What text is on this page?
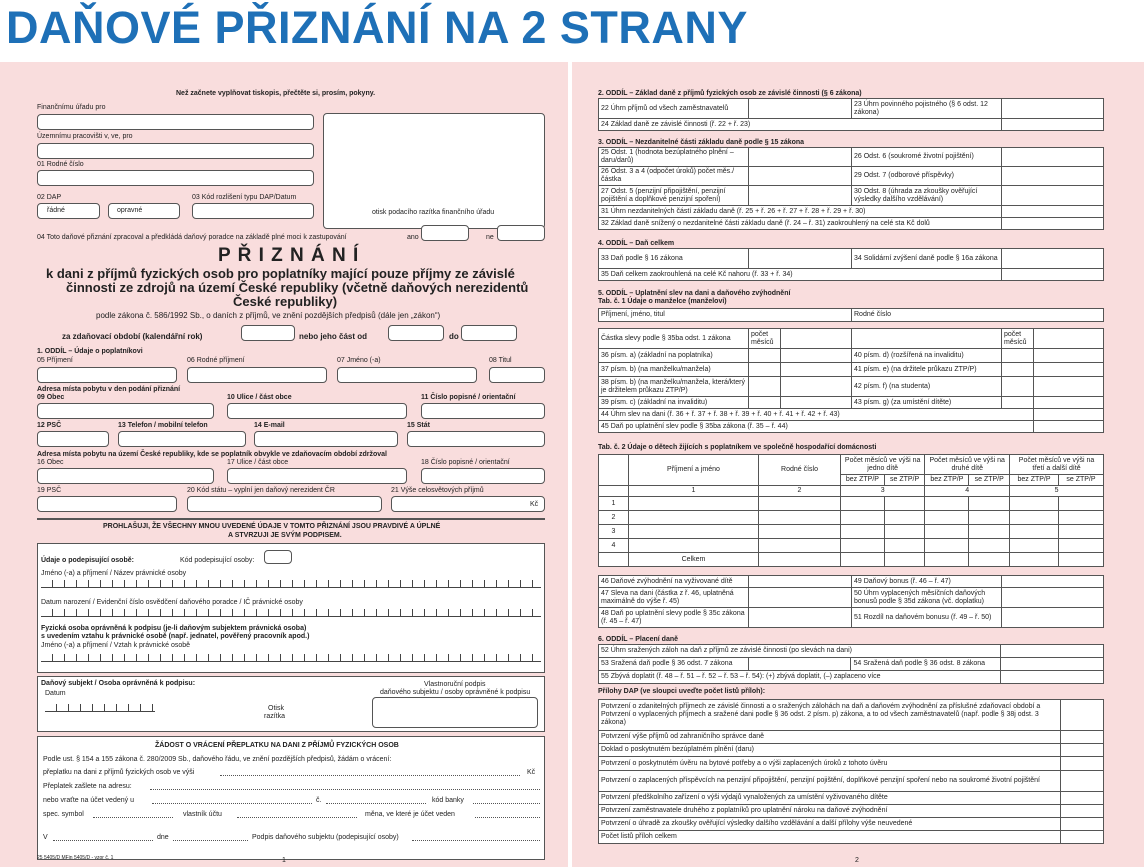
DAŇOVÉ PŘIZNÁNÍ NA 2 STRANY
Než začnete vyplňovat tiskopis, přečtěte si, prosím, pokyny.
Finančnímu úřadu pro
Územnímu pracovišti v, ve, pro
01 Rodné číslo
02 DAP	03 Kód rozlišení typu DAP/Datum
řádné	opravné	otisk podacího razítka finančního úřadu
04 Toto daňové přiznání zpracoval a předkládá daňový poradce na základě plné moci k zastupování	ano	ne
P Ř I Z N Á N Í
k dani z příjmů fyzických osob pro poplatníky mající pouze příjmy ze závislé
činnosti ze zdrojů na území České republiky (včetně daňových nerezidentů
České republiky)
podle zákona č. 586/1992 Sb., o daních z příjmů, ve znění pozdějších předpisů (dále jen „zákon“)
za zdaňovací období (kalendářní rok)	nebo jeho část od	do
1. ODDÍL – Údaje o poplatníkovi
05 Příjmení	06 Rodné příjmení	07 Jméno (-a)	08 Titul
Adresa místa pobytu v den podání přiznání
09 Obec	10 Ulice / část obce	11 Číslo popisné / orientační
12 PSČ	13 Telefon / mobilní telefon	14 E-mail	15 Stát
Adresa místa pobytu na území České republiky, kde se poplatník obvykle ve zdaňovacím období zdržoval
16 Obec	17 Ulice / část obce	18 Číslo popisné / orientační
19 PSČ	20 Kód státu – vyplní jen daňový nerezident ČR	21 Výše celosvětových příjmů
Kč
PROHLAŠUJI, ŽE VŠECHNY MNOU UVEDENÉ ÚDAJE V TOMTO PŘIZNÁNÍ JSOU PRAVDIVÉ A ÚPLNÉ
A STVRZUJI JE SVÝM PODPISEM.
Údaje o podepisující osobě:	Kód podepisující osoby:
Jméno (-a) a příjmení / Název právnické osoby
Datum narození / Evidenční číslo osvědčení daňového poradce / IČ právnické osoby
Fyzická osoba oprávněná k podpisu (je-li daňovým subjektem právnická osoba)
s uvedením vztahu k právnické osobě (např. jednatel, pověřený pracovník apod.)
Jméno (-a) a příjmení / Vztah k právnické osobě
Daňový subjekt / Osoba oprávněná k podpisu:
Datum
Otisk
razítka
Vlastnoruční podpis
daňového subjektu / osoby oprávněné k podpisu
ŽÁDOST O VRÁCENÍ PŘEPLATKU NA DANI Z PŘÍJMŮ FYZICKÝCH OSOB
Podle ust. § 154 a 155 zákona č. 280/2009 Sb., daňového řádu, ve znění pozdějších předpisů, žádám o vrácení:
přeplatku na dani z příjmů fyzických osob ve výši	Kč
Přeplatek zašlete na adresu:
nebo vraťte na účet vedený u	č.	kód banky
spec. symbol	vlastník účtu	měna, ve které je účet veden
V	dne	Podpis daňového subjektu (podepisující osoby)
25 5405/D MFin 5405/D - vzor č. 1	1
2. ODDÍL – Základ daně z příjmů fyzických osob ze závislé činnosti (§ 6 zákona)
22 Úhrn příjmů od všech zaměstnavatelů		23 Úhrn povinného pojistného (§ 6 odst. 12 zákona)	
24 Základ daně ze závislé činnosti (ř. 22 + ř. 23)			
3. ODDÍL – Nezdanitelné části základu daně podle § 15 zákona
25 Odst. 1 (hodnota bezúplatného plnění – daru/darů)		26 Odst. 6 (soukromé životní pojištění)	
26 Odst. 3 a 4 (odpočet úroků) počet měs./částka		29 Odst. 7 (odborové příspěvky)	
27 Odst. 5 (penzijní připojištění, penzijní pojištění a doplňkové penzijní spoření)		30 Odst. 8 (úhrada za zkoušky ověřující výsledky dalšího vzdělávání)	
31 Úhrn nezdanitelných částí základu daně (ř. 25 + ř. 26 + ř. 27 + ř. 28 + ř. 29 + ř. 30)			
32 Základ daně snížený o nezdanitelné části základu daně (ř. 24 – ř. 31) zaokrouhlený na celé sta Kč dolů			
4. ODDÍL – Daň celkem
33 Daň podle § 16 zákona		34 Solidární zvýšení daně podle § 16a zákona	
35 Daň celkem zaokrouhlená na celé Kč nahoru (ř. 33 + ř. 34)			
5. ODDÍL – Uplatnění slev na dani a daňového zvýhodnění
Tab. č. 1 Údaje o manželce (manželovi)
Příjmení, jméno, titul	Rodné číslo
Částka slevy podle § 35ba odst. 1 zákona	počet měsíců			počet měsíců	
36 písm. a) (základní na poplatníka)			40 písm. d) (rozšířená na invaliditu)		
37 písm. b) (na manželku/manžela)			41 písm. e) (na držitele průkazu ZTP/P)		
38 písm. b) (na manželku/manžela, která/který je držitelem průkazu ZTP/P)			42 písm. f) (na studenta)		
39 písm. c) (základní na invaliditu)			43 písm. g) (za umístění dítěte)		
44 Úhrn slev na dani (ř. 36 + ř. 37 + ř. 38 + ř. 39 + ř. 40 + ř. 41 + ř. 42 + ř. 43)					
45 Daň po uplatnění slev podle § 35ba zákona (ř. 35 – ř. 44)					
Tab. č. 2 Údaje o dětech žijících s poplatníkem ve společně hospodařící domácnosti
	Příjmení a jméno	Rodné číslo	Počet měsíců ve výši na jedno dítě		Počet měsíců ve výši na druhé dítě		Počet měsíců ve výši na třetí a další dítě	
			bez ZTP/P	se ZTP/P	bez ZTP/P	se ZTP/P	bez ZTP/P	se ZTP/P
	1	2	3		4		5	
1								
2								
3								
4								
	Celkem							
46 Daňové zvýhodnění na vyživované dítě		49 Daňový bonus (ř. 46 – ř. 47)	
47 Sleva na dani (částka z ř. 46, uplatněná maximálně do výše ř. 45)		50 Úhrn vyplacených měsíčních daňových bonusů podle § 35d zákona (vč. doplatku)	
48 Daň po uplatnění slevy podle § 35c zákona (ř. 45 – ř. 47)		51 Rozdíl na daňovém bonusu (ř. 49 – ř. 50)	
6. ODDÍL – Placení daně
52 Úhrn sražených záloh na daň z příjmů ze závislé činnosti (po slevách na dani)			
53 Sražená daň podle § 36 odst. 7 zákona		54 Sražená daň podle § 36 odst. 8 zákona	
55 Zbývá doplatit (ř. 48 – ř. 51 – ř. 52 – ř. 53 – ř. 54): (+) zbývá doplatit, (–) zaplaceno více			
Přílohy DAP (ve sloupci uveďte počet listů příloh):
Potvrzení o zdanitelných příjmech ze závislé činnosti a o sražených zálohách na daň a daňovém zvýhodnění za příslušné zdaňovací období a Potvrzení o vyplacených příjmech a sražené dani podle § 36 odst. 2 písm. p) zákona, a to od všech zaměstnavatelů (např. podle § 38j odst. 3 zákona)	
Potvrzení výše příjmů od zahraničního správce daně	
Doklad o poskytnutém bezúplatném plnění (daru)	
Potvrzení o poskytnutém úvěru na bytové potřeby a o výši zaplacených úroků z tohoto úvěru	
Potvrzení o zaplacených příspěvcích na penzijní připojištění, penzijní pojištění, doplňkové penzijní spoření nebo na soukromé životní pojištění	
Potvrzení předškolního zařízení o výši výdajů vynaložených za umístění vyživovaného dítěte	
Potvrzení zaměstnavatele druhého z poplatníků pro uplatnění nároku na daňové zvýhodnění	
Potvrzení o úhradě za zkoušky ověřující výsledky dalšího vzdělávání a další přílohy výše neuvedené	
Počet listů příloh celkem	
2
